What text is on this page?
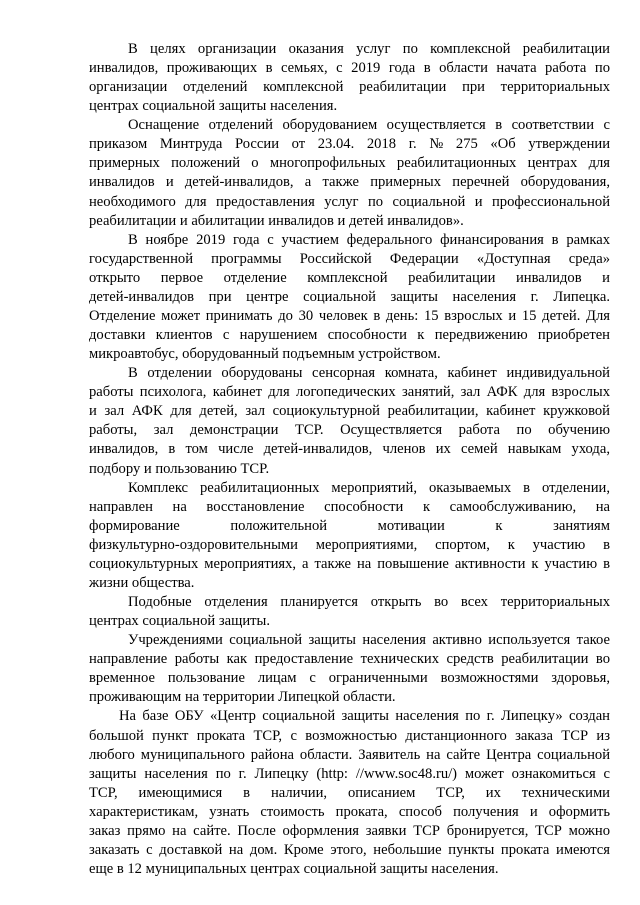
В целях организации оказания услуг по комплексной реабилитации
инвалидов, проживающих в семьях, с 2019 года в области начата работа по
организации отделений комплексной реабилитации при территориальных
центрах социальной защиты населения.
Оснащение отделений оборудованием осуществляется в соответствии с
приказом Минтруда России от 23.04. 2018 г. № 275 «Об утверждении
примерных положений о многопрофильных реабилитационных центрах для
инвалидов и детей-инвалидов, а также примерных перечней оборудования,
необходимого для предоставления услуг по социальной и профессиональной
реабилитации и абилитации инвалидов и детей инвалидов».
В ноябре 2019 года с участием федерального финансирования в рамках
государственной программы Российской Федерации «Доступная среда»
открыто первое отделение комплексной реабилитации инвалидов и
детей-инвалидов при центре социальной защиты населения г. Липецка.
Отделение может принимать до 30 человек в день: 15 взрослых и 15 детей. Для
доставки клиентов с нарушением способности к передвижению приобретен
микроавтобус, оборудованный подъемным устройством.
В отделении оборудованы сенсорная комната, кабинет индивидуальной
работы психолога, кабинет для логопедических занятий, зал АФК для взрослых
и зал АФК для детей, зал социокультурной реабилитации, кабинет кружковой
работы, зал демонстрации ТСР. Осуществляется работа по обучению
инвалидов, в том числе детей-инвалидов, членов их семей навыкам ухода,
подбору и пользованию ТСР.
Комплекс реабилитационных мероприятий, оказываемых в отделении,
направлен на восстановление способности к самообслуживанию, на
формирование положительной мотивации к занятиям
физкультурно-оздоровительными мероприятиями, спортом, к участию в
социокультурных мероприятиях, а также на повышение активности к участию в
жизни общества.
Подобные отделения планируется открыть во всех территориальных
центрах социальной защиты.
Учреждениями социальной защиты населения активно используется такое
направление работы как предоставление технических средств реабилитации во
временное пользование лицам с ограниченными возможностями здоровья,
проживающим на территории Липецкой области.
На базе ОБУ «Центр социальной защиты населения по г. Липецку» создан
большой пункт проката ТСР, с возможностью дистанционного заказа ТСР из
любого муниципального района области. Заявитель на сайте Центра социальной
защиты населения по г. Липецку (http: //www.soc48.ru/) может ознакомиться с
ТСР, имеющимися в наличии, описанием ТСР, их техническими
характеристикам, узнать стоимость проката, способ получения и оформить
заказ прямо на сайте. После оформления заявки ТСР бронируется, ТСР можно
заказать с доставкой на дом. Кроме этого, небольшие пункты проката имеются
еще в 12 муниципальных центрах социальной защиты населения.
